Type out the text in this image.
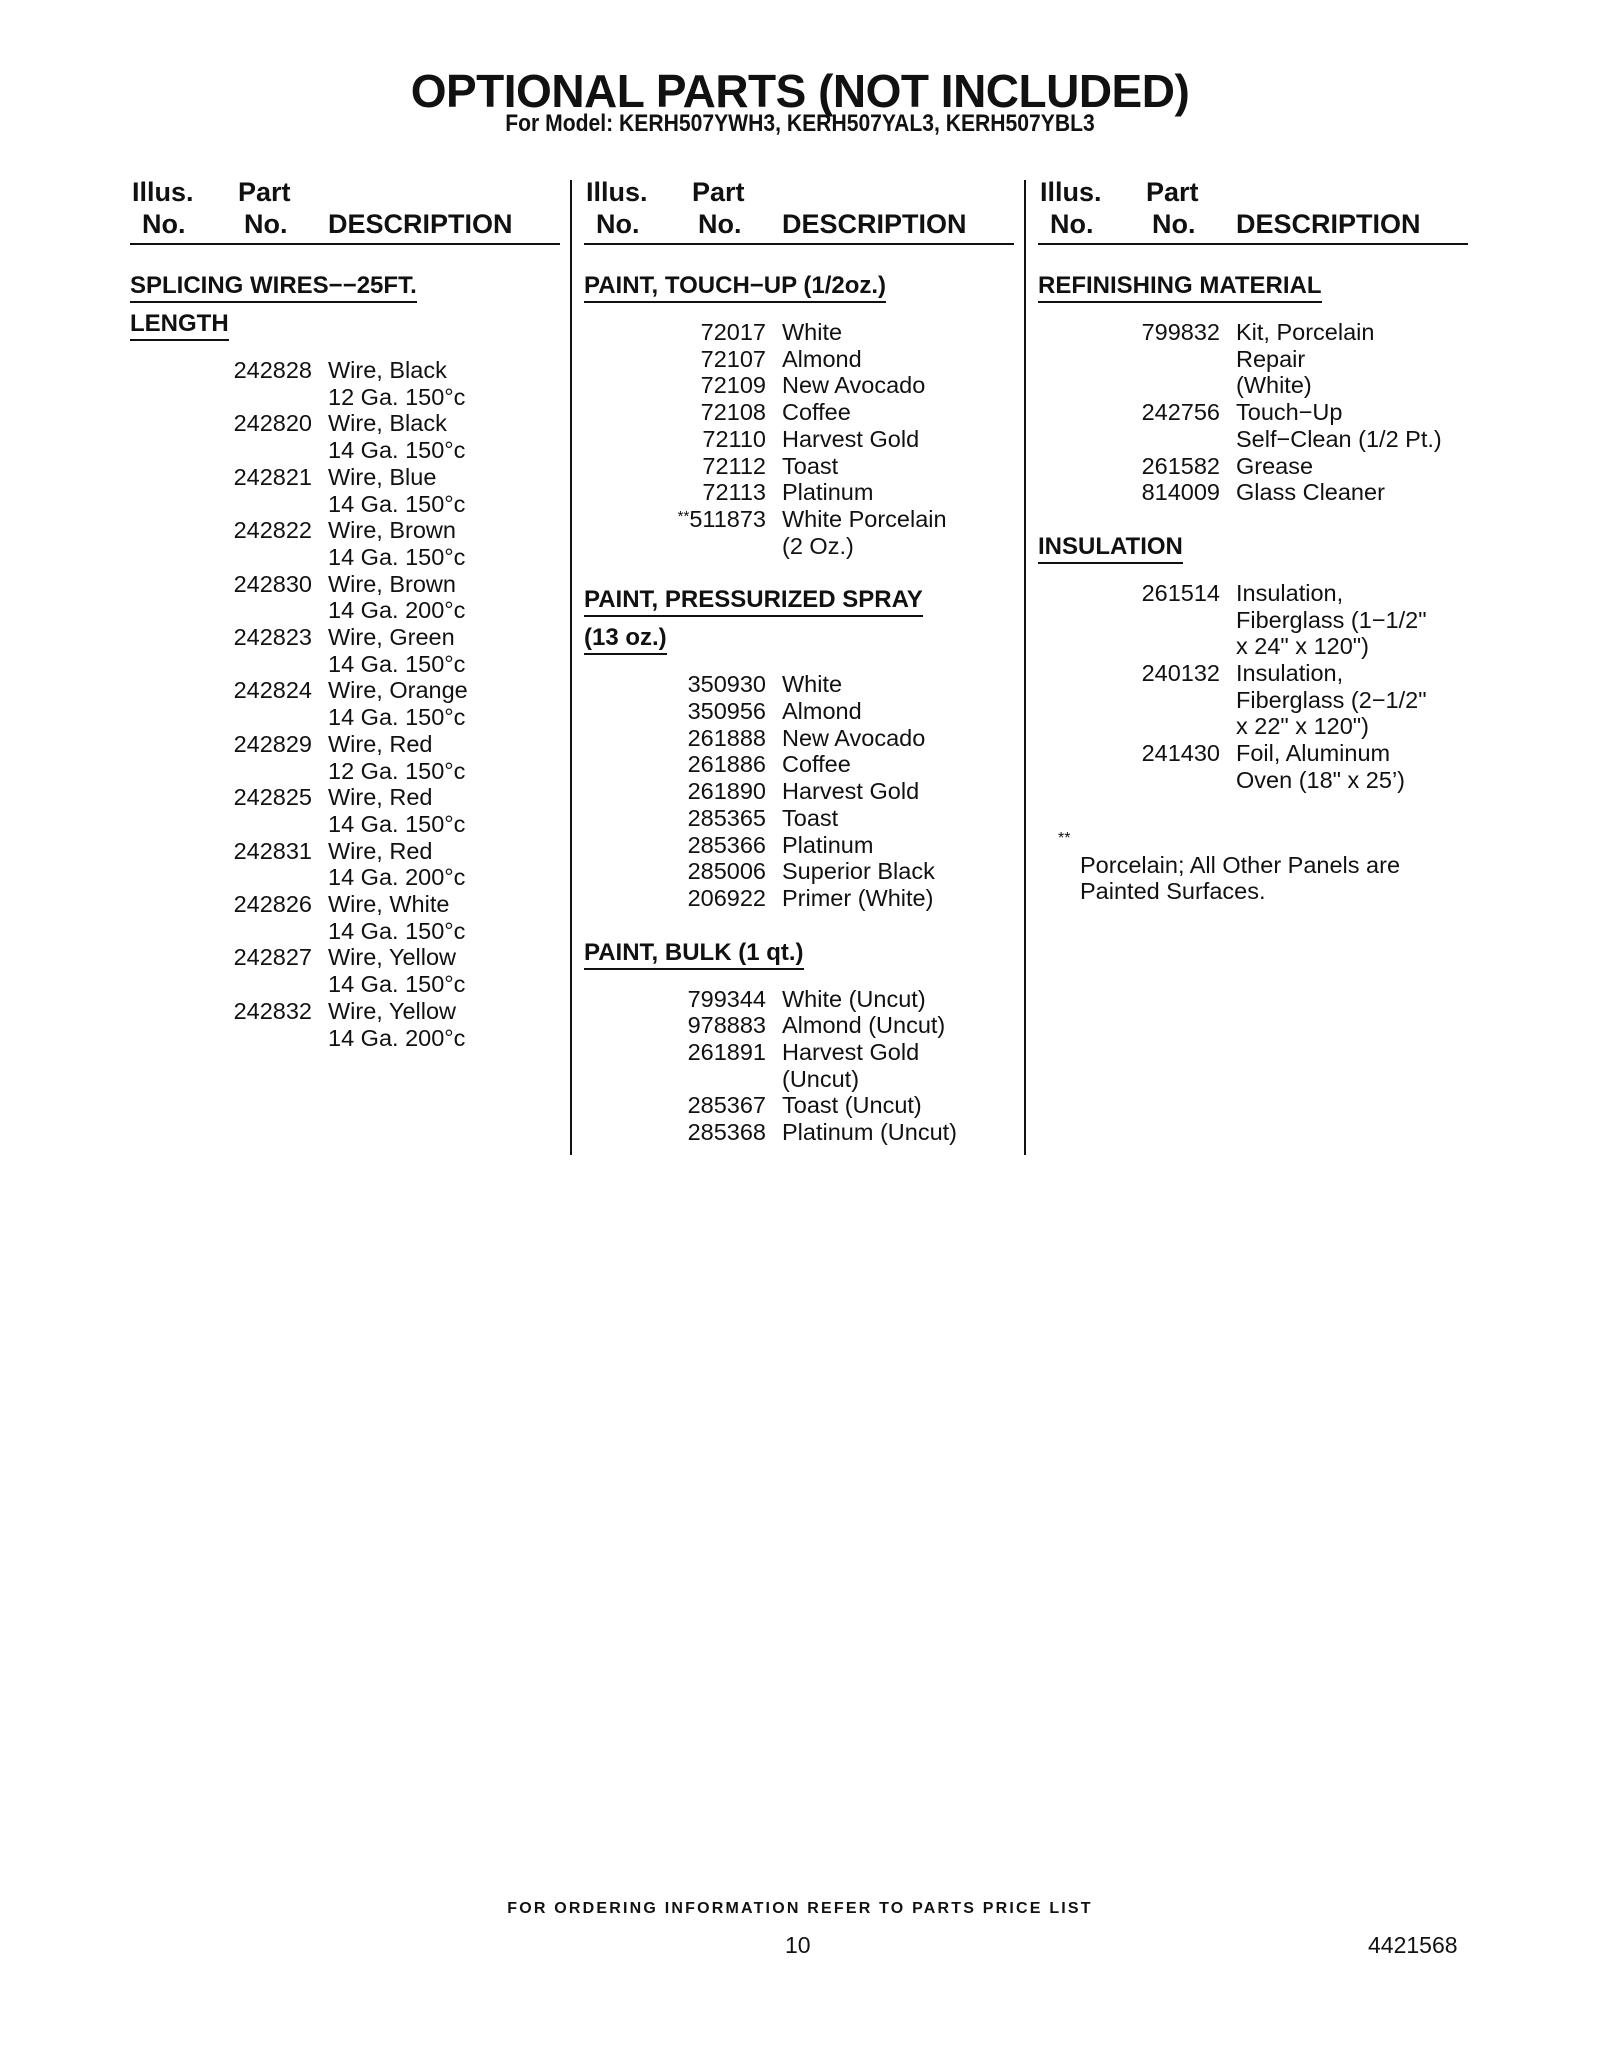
OPTIONAL PARTS (NOT INCLUDED)
For Model: KERH507YWH3, KERH507YAL3, KERH507YBL3
Illus.
No.
Part
No. DESCRIPTION
SPLICING WIRES−−25FT.
LENGTH
242828 Wire, Black
12 Ga. 150°c
242820 Wire, Black
14 Ga. 150°c
242821 Wire, Blue
14 Ga. 150°c
242822 Wire, Brown
14 Ga. 150°c
242830 Wire, Brown
14 Ga. 200°c
242823 Wire, Green
14 Ga. 150°c
242824 Wire, Orange
14 Ga. 150°c
242829 Wire, Red
12 Ga. 150°c
242825 Wire, Red
14 Ga. 150°c
242831 Wire, Red
14 Ga. 200°c
242826 Wire, White
14 Ga. 150°c
242827 Wire, Yellow
14 Ga. 150°c
242832 Wire, Yellow
14 Ga. 200°c
Illus.
No.
Part
No. DESCRIPTION
PAINT, TOUCH−UP (1/2oz.)
72017 White
72107 Almond
72109 New Avocado
72108 Coffee
72110 Harvest Gold
72112 Toast
72113 Platinum
**511873 White Porcelain
(2 Oz.)
PAINT, PRESSURIZED SPRAY
(13 oz.)
350930 White
350956 Almond
261888 New Avocado
261886 Coffee
261890 Harvest Gold
285365 Toast
285366 Platinum
285006 Superior Black
206922 Primer (White)
PAINT, BULK (1 qt.)
799344 White (Uncut)
978883 Almond (Uncut)
261891 Harvest Gold
(Uncut)
285367 Toast (Uncut)
285368 Platinum (Uncut)
Illus.
No.
Part
No. DESCRIPTION
REFINISHING MATERIAL
799832 Kit, Porcelain
Repair
(White)
242756 Touch−Up
Self−Clean (1/2 Pt.)
261582 Grease
814009 Glass Cleaner
INSULATION
261514 Insulation,
Fiberglass (1−1/2"
x 24" x 120")
240132 Insulation,
Fiberglass (2−1/2"
x 22" x 120")
241430 Foil, Aluminum
Oven (18" x 25’)
**
Porcelain; All Other Panels are
Painted Surfaces.
FOR ORDERING INFORMATION REFER TO PARTS PRICE LIST
10	4421568
